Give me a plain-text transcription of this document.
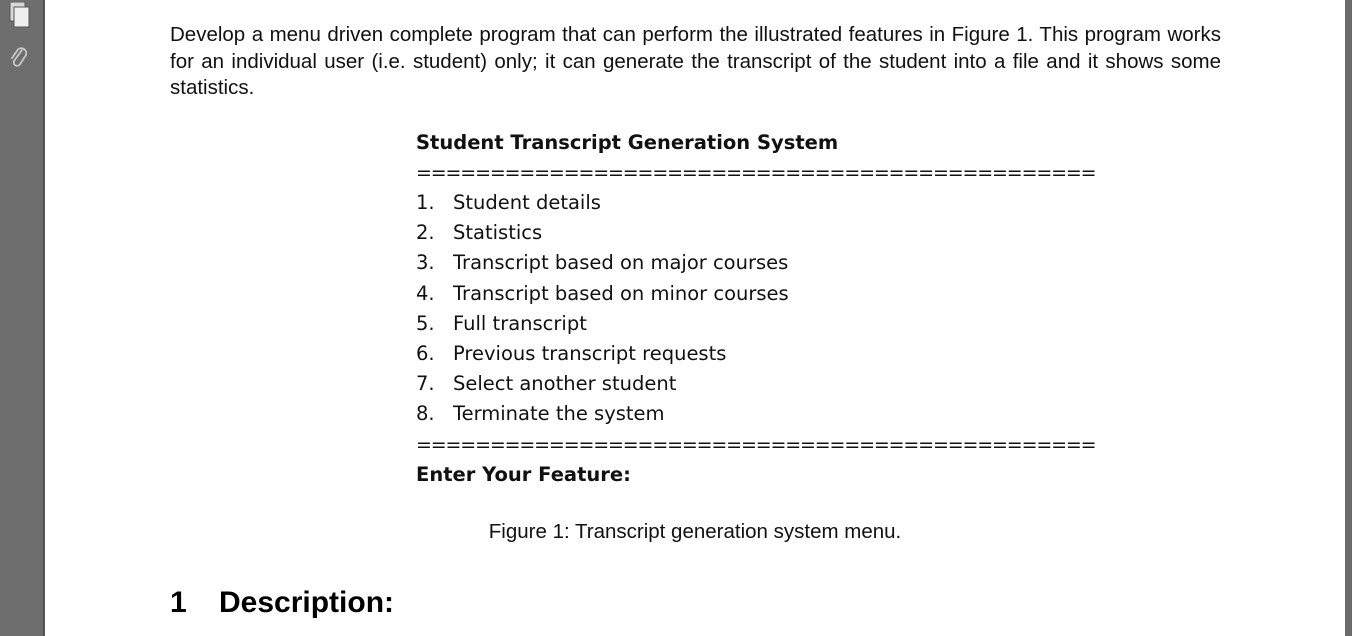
Develop a menu driven complete program that can perform the illustrated features in Figure 1. This program works for an individual user (i.e. student) only; it can generate the transcript of the student into a file and it shows some statistics.

Student Transcript Generation System
==============================================
1. Student details
2. Statistics
3. Transcript based on major courses
4. Transcript based on minor courses
5. Full transcript
6. Previous transcript requests
7. Select another student
8. Terminate the system
==============================================
Enter Your Feature:
Figure 1: Transcript generation system menu.
1 Description:
